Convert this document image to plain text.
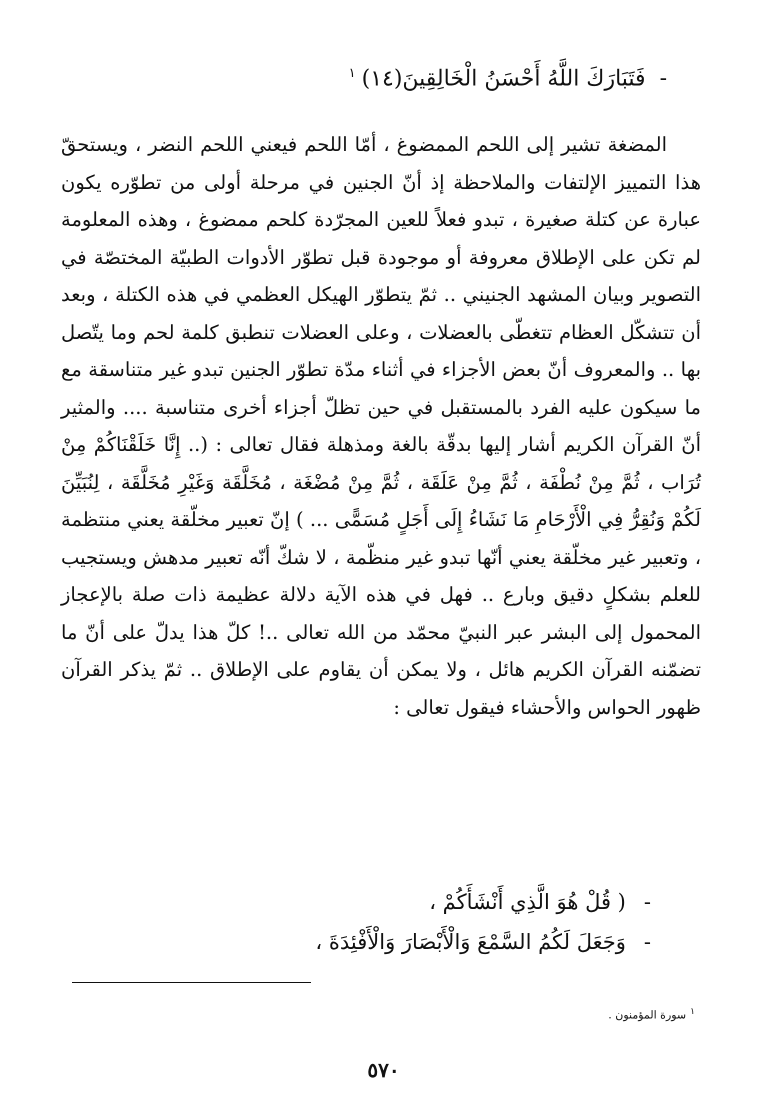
-فَتَبَارَكَ اللَّهُ أَحْسَنُ الْخَالِقِينَ(١٤)$^١$

المضغة تشير إلى اللحم الممضوغ ، أمّا اللحم فيعني اللحم النضر ، ويستحقّ هذا التمييز الإلتفات والملاحظة إذ أنّ الجنين في مرحلة أولى من تطوّره يكون عبارة عن كتلة صغيرة ، تبدو فعلاً للعين المجرّدة كلحم ممضوغ ، وهذه المعلومة لم تكن على الإطلاق معروفة أو موجودة قبل تطوّر الأدوات الطبيّة المختصّة في التصوير وبيان المشهد الجنيني .. ثمّ يتطوّر الهيكل العظمي في هذه الكتلة ، وبعد أن تتشكّل العظام تتغطّى بالعضلات ، وعلى العضلات تنطبق كلمة لحم وما يتّصل بها .. والمعروف أنّ بعض الأجزاء في أثناء مدّة تطوّر الجنين تبدو غير متناسقة مع ما سيكون عليه الفرد بالمستقبل في حين تظلّ أجزاء أخرى متناسبة .... والمثير أنّ القرآن الكريم أشار إليها بدقّة بالغة ومذهلة فقال تعالى : (.. إِنَّا خَلَقْنَاكُمْ مِنْ تُرَاب ، ثُمَّ مِنْ نُطْفَة ، ثُمَّ مِنْ عَلَقَة ، ثُمَّ مِنْ مُضْغَة ، مُخَلَّقَة وَغَيْرِ مُخَلَّقَة ، لِنُبَيِّنَ لَكُمْ وَنُقِرُّ فِي الْأَرْحَامِ مَا نَشَاءُ إِلَى أَجَلٍ مُسَمًّى ... ) إنّ تعبير مخلّقة يعني منتظمة ، وتعبير غير مخلّقة يعني أنّها تبدو غير منظّمة ، لا شكّ أنّه تعبير مدهش ويستجيب للعلم بشكلٍ دقيق وبارع .. فهل في هذه الآية دلالة عظيمة ذات صلة بالإعجاز المحمول إلى البشر عبر النبيّ محمّد من الله تعالى ..! كلّ هذا يدلّ على أنّ ما تضمّنه القرآن الكريم هائل ، ولا يمكن أن يقاوم على الإطلاق .. ثمّ يذكر القرآن ظهور الحواس والأحشاء فيقول تعالى :

-( قُلْ هُوَ الَّذِي أَنْشَأَكُمْ ،
-وَجَعَلَ لَكُمُ السَّمْعَ وَالْأَبْصَارَ وَالْأَفْئِدَةَ ،
$^١$سورة المؤمنون .
٥٧٠
